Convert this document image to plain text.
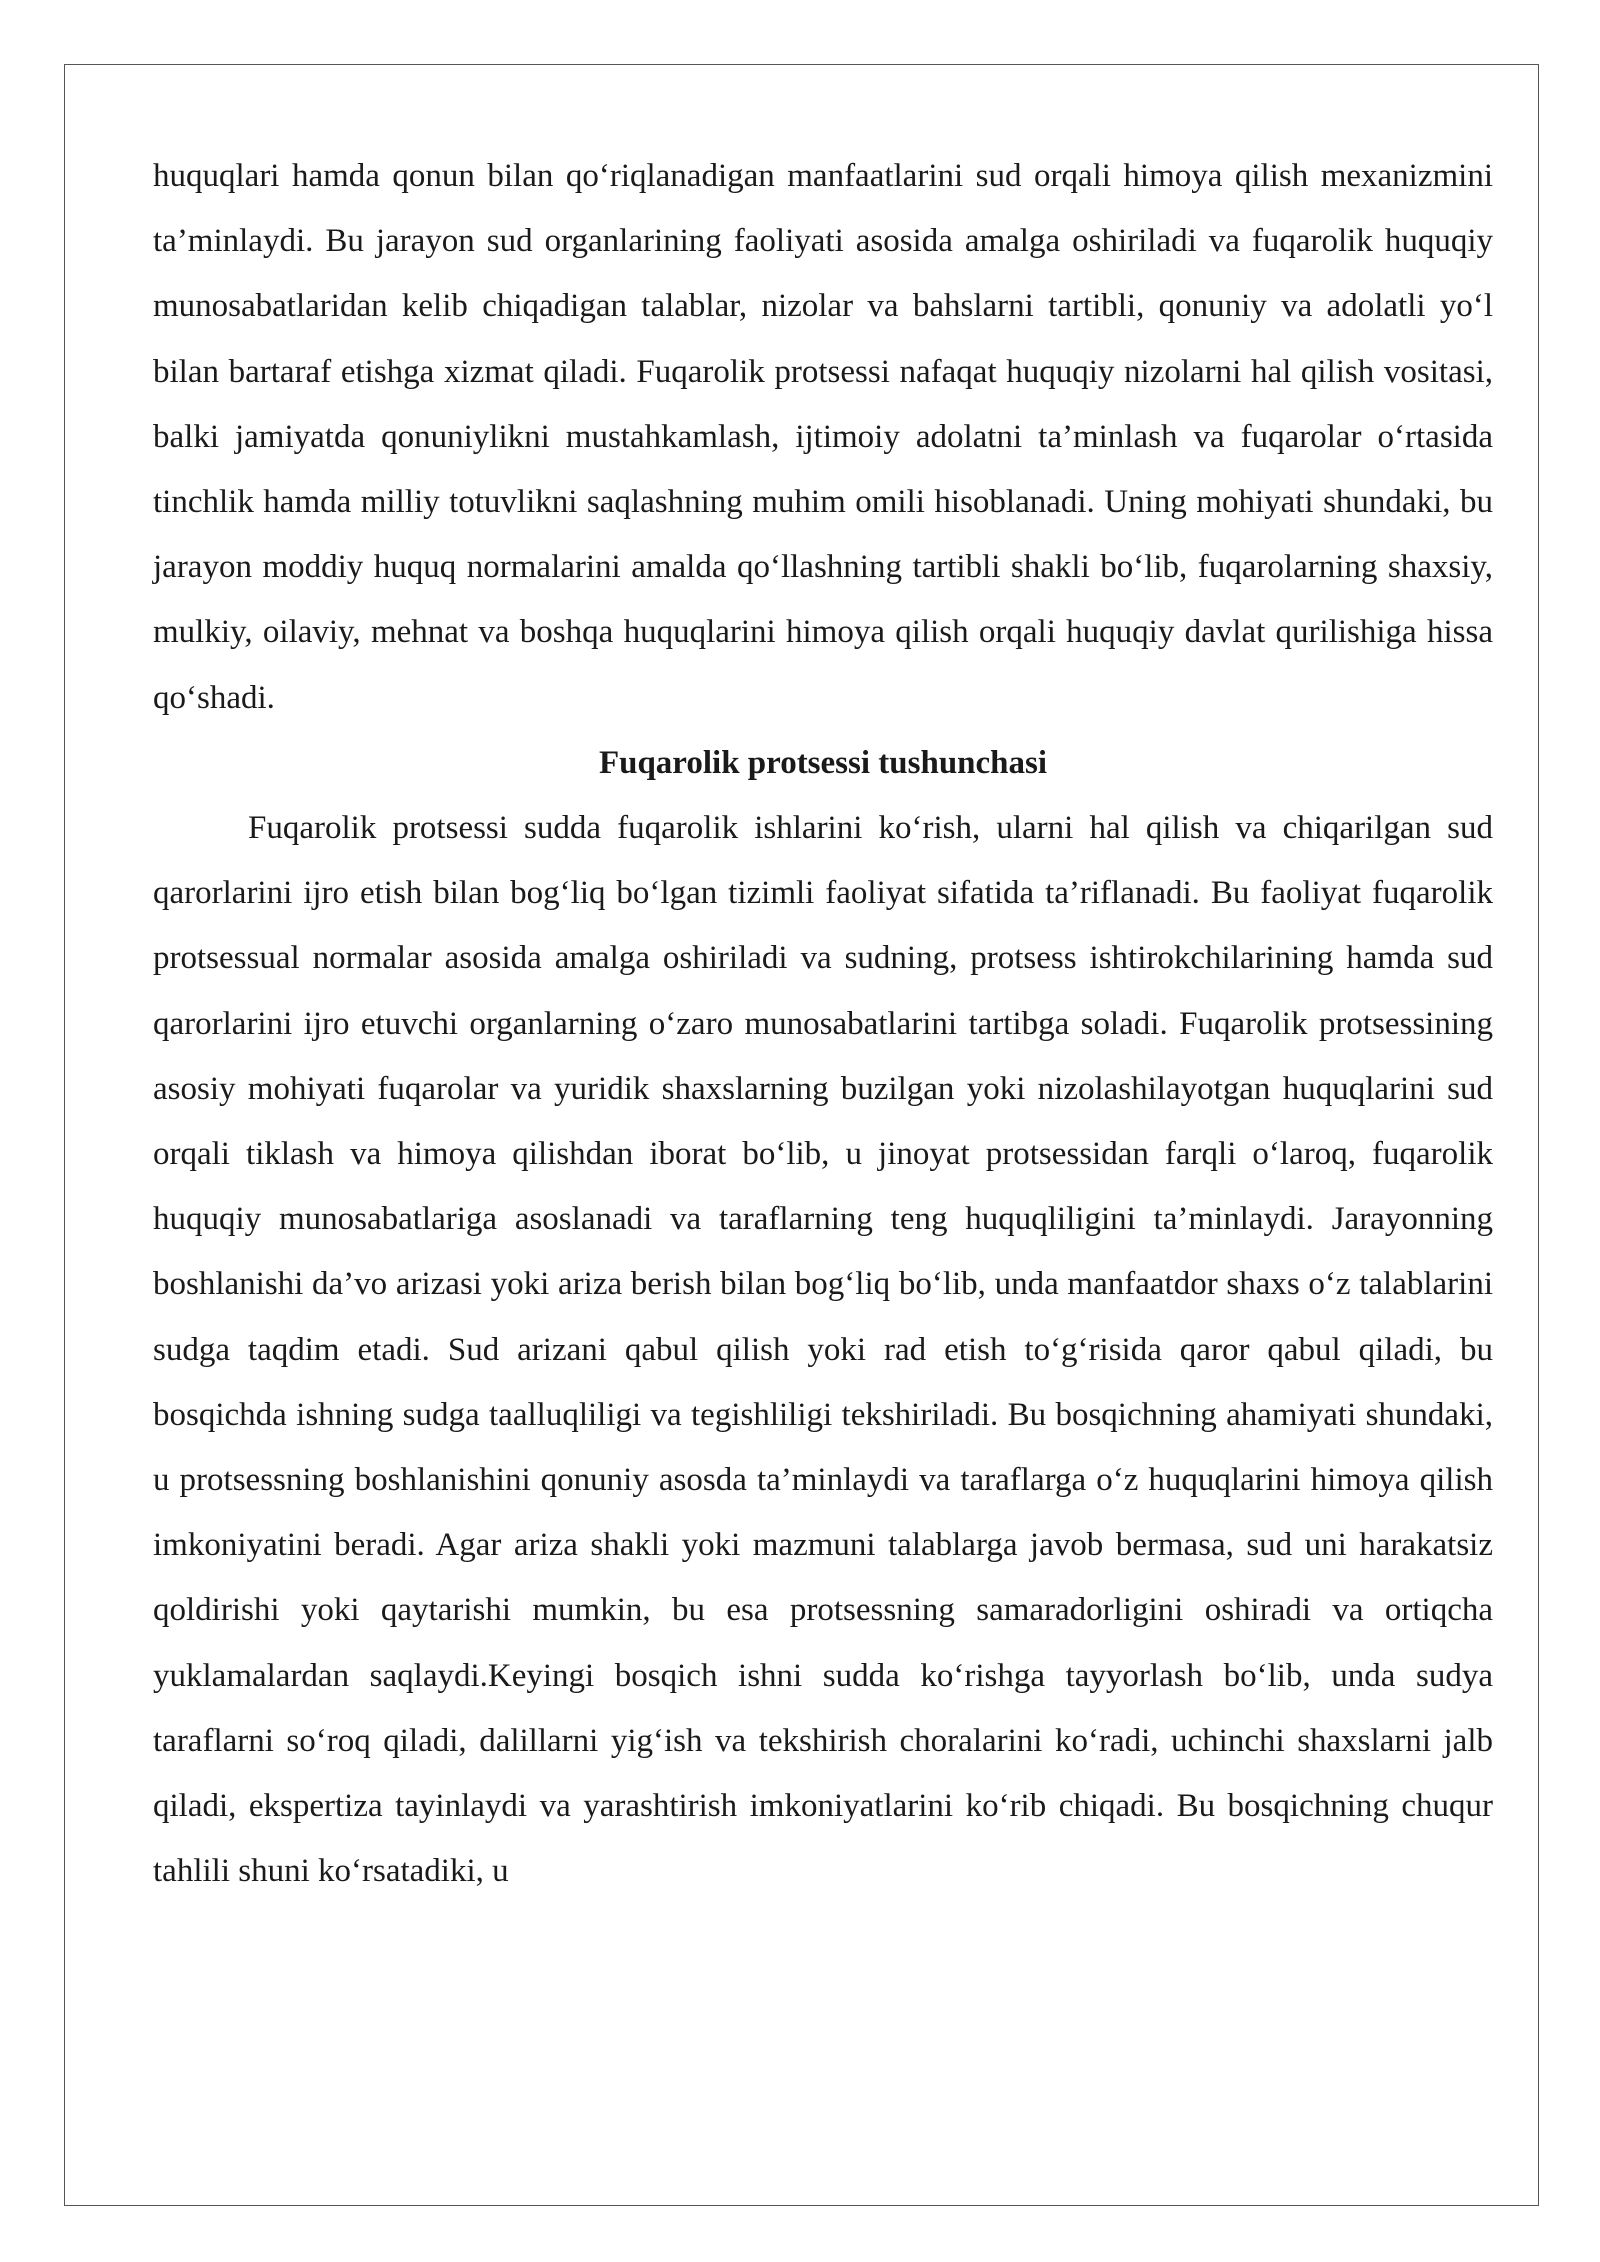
huquqlari hamda qonun bilan qo‘riqlanadigan manfaatlarini sud orqali himoya qilish mexanizmini ta’minlaydi. Bu jarayon sud organlarining faoliyati asosida amalga oshiriladi va fuqarolik huquqiy munosabatlaridan kelib chiqadigan talablar, nizolar va bahslarni tartibli, qonuniy va adolatli yo‘l bilan bartaraf etishga xizmat qiladi. Fuqarolik protsessi nafaqat huquqiy nizolarni hal qilish vositasi, balki jamiyatda qonuniylikni mustahkamlash, ijtimoiy adolatni ta’minlash va fuqarolar o‘rtasida tinchlik hamda milliy totuvlikni saqlashning muhim omili hisoblanadi. Uning mohiyati shundaki, bu jarayon moddiy huquq normalarini amalda qo‘llashning tartibli shakli bo‘lib, fuqarolarning shaxsiy, mulkiy, oilaviy, mehnat va boshqa huquqlarini himoya qilish orqali huquqiy davlat qurilishiga hissa qo‘shadi.

Fuqarolik protsessi tushunchasi

Fuqarolik protsessi sudda fuqarolik ishlarini ko‘rish, ularni hal qilish va chiqarilgan sud qarorlarini ijro etish bilan bog‘liq bo‘lgan tizimli faoliyat sifatida ta’riflanadi. Bu faoliyat fuqarolik protsessual normalar asosida amalga oshiriladi va sudning, protsess ishtirokchilarining hamda sud qarorlarini ijro etuvchi organlarning o‘zaro munosabatlarini tartibga soladi. Fuqarolik protsessining asosiy mohiyati fuqarolar va yuridik shaxslarning buzilgan yoki nizolashilayotgan huquqlarini sud orqali tiklash va himoya qilishdan iborat bo‘lib, u jinoyat protsessidan farqli o‘laroq, fuqarolik huquqiy munosabatlariga asoslanadi va taraflarning teng huquqliligini ta’minlaydi. Jarayonning boshlanishi da’vo arizasi yoki ariza berish bilan bog‘liq bo‘lib, unda manfaatdor shaxs o‘z talablarini sudga taqdim etadi. Sud arizani qabul qilish yoki rad etish to‘g‘risida qaror qabul qiladi, bu bosqichda ishning sudga taalluqliligi va tegishliligi tekshiriladi. Bu bosqichning ahamiyati shundaki, u protsessning boshlanishini qonuniy asosda ta’minlaydi va taraflarga o‘z huquqlarini himoya qilish imkoniyatini beradi. Agar ariza shakli yoki mazmuni talablarga javob bermasa, sud uni harakatsiz qoldirishi yoki qaytarishi mumkin, bu esa protsessning samaradorligini oshiradi va ortiqcha yuklamalardan saqlaydi.Keyingi bosqich ishni sudda ko‘rishga tayyorlash bo‘lib, unda sudya taraflarni so‘roq qiladi, dalillarni yig‘ish va tekshirish choralarini ko‘radi, uchinchi shaxslarni jalb qiladi, ekspertiza tayinlaydi va yarashtirish imkoniyatlarini ko‘rib chiqadi. Bu bosqichning chuqur tahlili shuni ko‘rsatadiki, u
